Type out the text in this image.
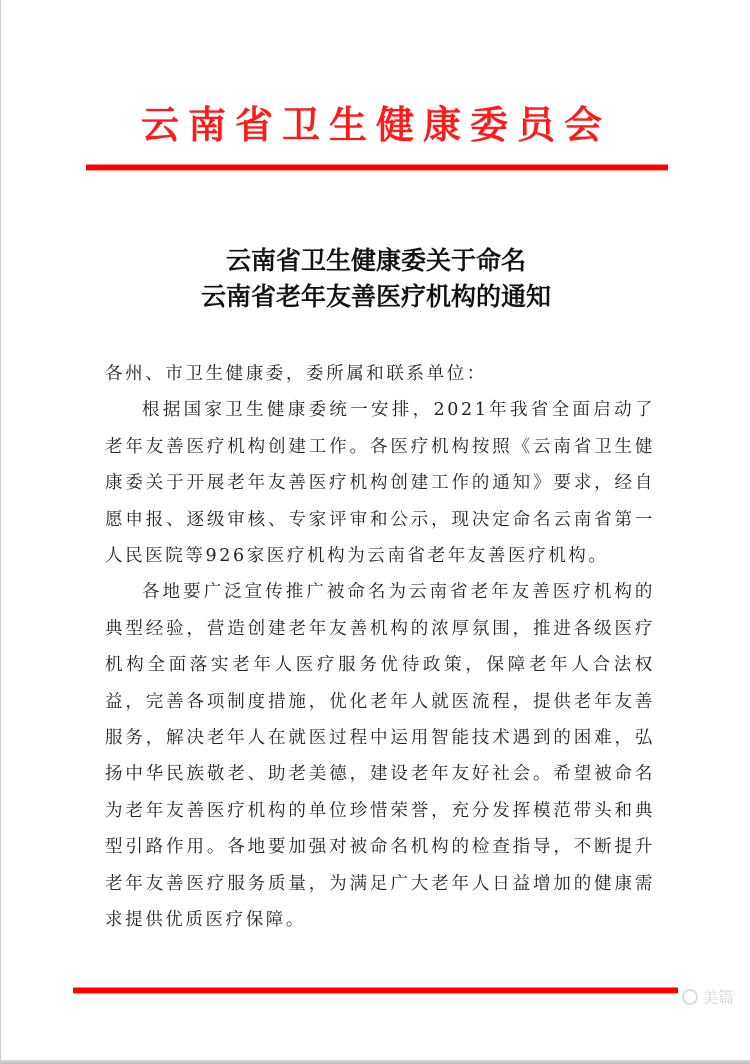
云南省卫生健康委员会
云南省卫生健康委关于命名
云南省老年友善医疗机构的通知

各州、市卫生健康委，委所属和联系单位：

根据国家卫生健康委统一安排，2021年我省全面启动了老年友善医疗机构创建工作。各医疗机构按照《云南省卫生健康委关于开展老年友善医疗机构创建工作的通知》要求，经自愿申报、逐级审核、专家评审和公示，现决定命名云南省第一人民医院等926家医疗机构为云南省老年友善医疗机构。

各地要广泛宣传推广被命名为云南省老年友善医疗机构的典型经验，营造创建老年友善机构的浓厚氛围，推进各级医疗机构全面落实老年人医疗服务优待政策，保障老年人合法权益，完善各项制度措施，优化老年人就医流程，提供老年友善服务，解决老年人在就医过程中运用智能技术遇到的困难，弘扬中华民族敬老、助老美德，建设老年友好社会。希望被命名为老年友善医疗机构的单位珍惜荣誉，充分发挥模范带头和典型引路作用。各地要加强对被命名机构的检查指导，不断提升老年友善医疗服务质量，为满足广大老年人日益增加的健康需求提供优质医疗保障。

美篇
